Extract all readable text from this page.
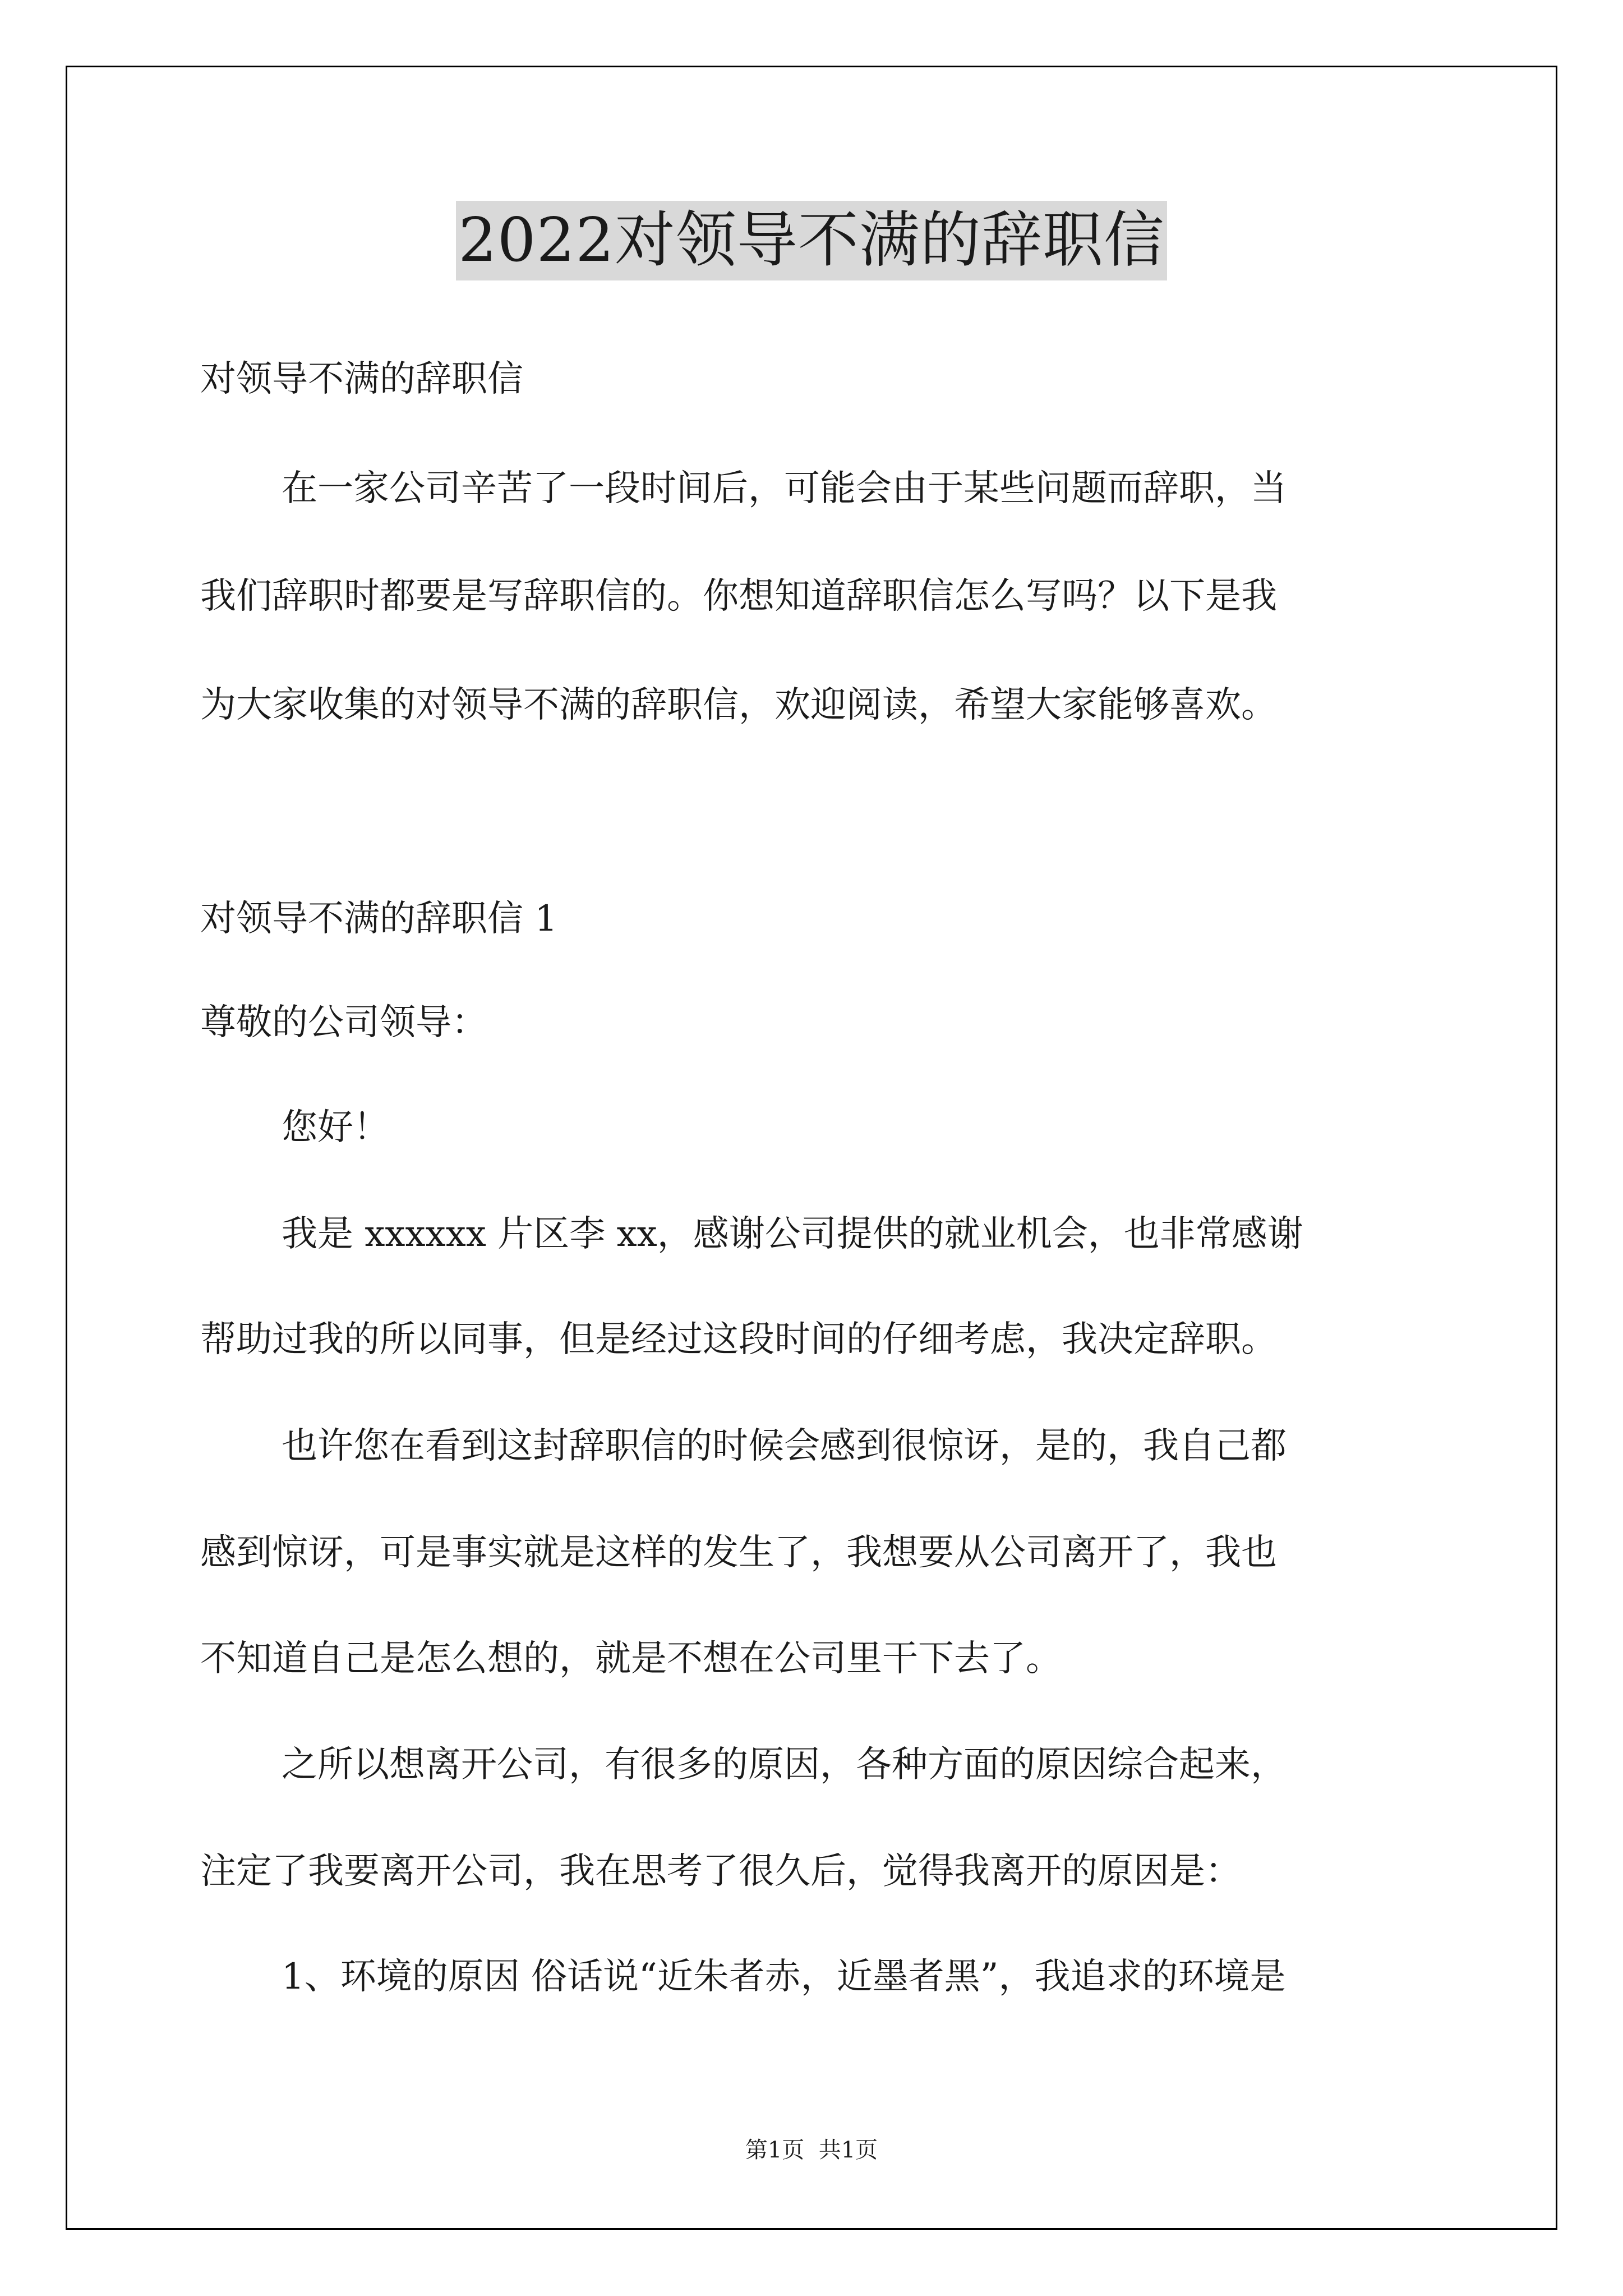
2022对领导不满的辞职信
对领导不满的辞职信
在一家公司辛苦了一段时间后，可能会由于某些问题而辞职，当
我们辞职时都要是写辞职信的。你想知道辞职信怎么写吗？以下是我
为大家收集的对领导不满的辞职信，欢迎阅读，希望大家能够喜欢。
对领导不满的辞职信 1
尊敬的公司领导：
您好！
我是 xxxxxx 片区李 xx，感谢公司提供的就业机会，也非常感谢
帮助过我的所以同事，但是经过这段时间的仔细考虑，我决定辞职。
也许您在看到这封辞职信的时候会感到很惊讶，是的，我自己都
感到惊讶，可是事实就是这样的发生了，我想要从公司离开了，我也
不知道自己是怎么想的，就是不想在公司里干下去了。
之所以想离开公司，有很多的原因，各种方面的原因综合起来，
注定了我要离开公司，我在思考了很久后，觉得我离开的原因是：
1、环境的原因 俗话说“近朱者赤，近墨者黑”，我追求的环境是
第1页  共1页
